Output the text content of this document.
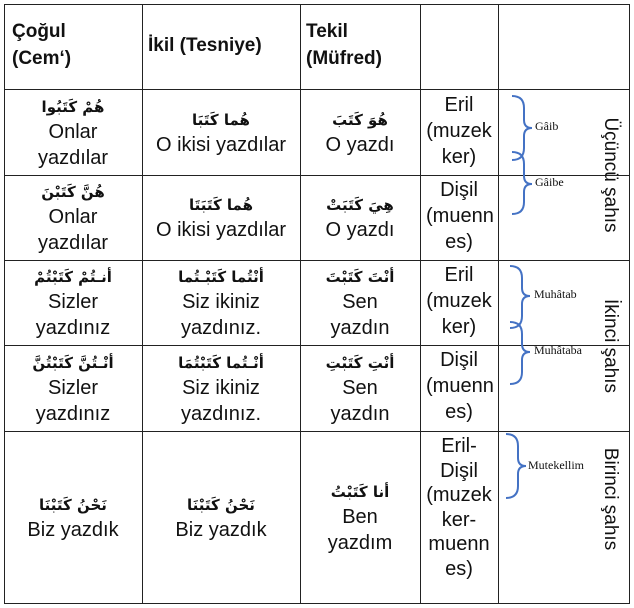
Çoğul
(Cem‘)
İkil (Tesniye)
Tekil
(Müfred)
هُمْ كَتَبُوا
Onlar
yazdılar
هُما كَتَبَا
O ikisi yazdılar
هُوَ كَتَبَ
O yazdı
Eril
(muzek
ker)
هُنَّ كَتَبْنَ
Onlar
yazdılar
هُما كَتَبَتَا
O ikisi yazdılar
هِيَ كَتَبَتْ
O yazdı
Dişil
(muenn
es)
أنـتُمْ كَتَبْتُمْ
Sizler
yazdınız
أنْتُما كَتَبْـتُما
Siz ikiniz
yazdınız.
أنْتَ كَتَبْتَ
Sen
yazdın
Eril
(muzek
ker)
أنْـتُنَّ كَتَبْتُنَّ
Sizler
yazdınız
أنْـتُما كَتَبْتُمَا
Siz ikiniz
yazdınız.
أنْتِ كَتَبْتِ
Sen
yazdın
Dişil
(muenn
es)
نَحْنُ كَتَبْنَا
Biz yazdık
نَحْنُ كَتَبْنَا
Biz yazdık
أنا كَتَبْتُ
Ben
yazdım
Eril-
Dişil
(muzek
ker-
muenn
es)
Gâib
Gâibe
Muhâtab
Muhâtaba
Mutekellim
Üçüncü şahıs
İkinci şahıs
Birinci şahıs
